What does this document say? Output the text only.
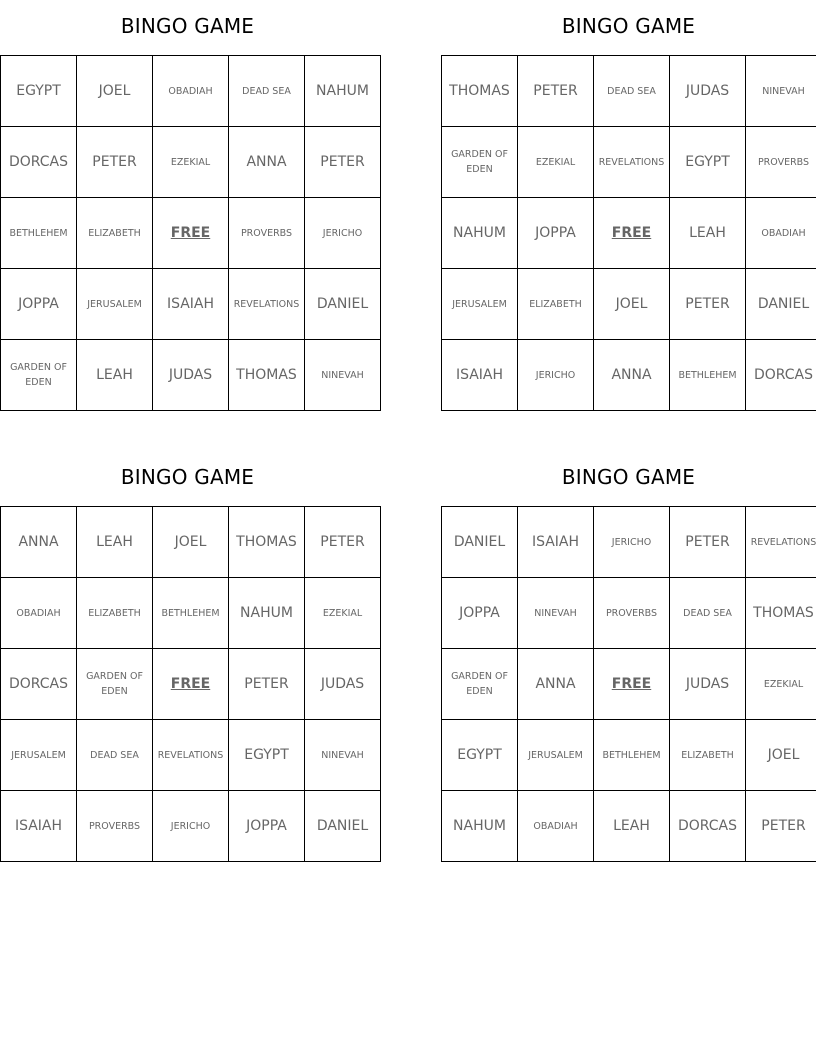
BINGO GAME
EGYPT	JOEL	OBADIAH	DEAD SEA	NAHUM
DORCAS	PETER	EZEKIAL	ANNA	PETER
BETHLEHEM	ELIZABETH	FREE	PROVERBS	JERICHO
JOPPA	JERUSALEM	ISAIAH	REVELATIONS	DANIEL
GARDEN OF EDEN	LEAH	JUDAS	THOMAS	NINEVAH
BINGO GAME
THOMAS	PETER	DEAD SEA	JUDAS	NINEVAH
GARDEN OF EDEN	EZEKIAL	REVELATIONS	EGYPT	PROVERBS
NAHUM	JOPPA	FREE	LEAH	OBADIAH
JERUSALEM	ELIZABETH	JOEL	PETER	DANIEL
ISAIAH	JERICHO	ANNA	BETHLEHEM	DORCAS
BINGO GAME
ANNA	LEAH	JOEL	THOMAS	PETER
OBADIAH	ELIZABETH	BETHLEHEM	NAHUM	EZEKIAL
DORCAS	GARDEN OF EDEN	FREE	PETER	JUDAS
JERUSALEM	DEAD SEA	REVELATIONS	EGYPT	NINEVAH
ISAIAH	PROVERBS	JERICHO	JOPPA	DANIEL
BINGO GAME
DANIEL	ISAIAH	JERICHO	PETER	REVELATIONS
JOPPA	NINEVAH	PROVERBS	DEAD SEA	THOMAS
GARDEN OF EDEN	ANNA	FREE	JUDAS	EZEKIAL
EGYPT	JERUSALEM	BETHLEHEM	ELIZABETH	JOEL
NAHUM	OBADIAH	LEAH	DORCAS	PETER
